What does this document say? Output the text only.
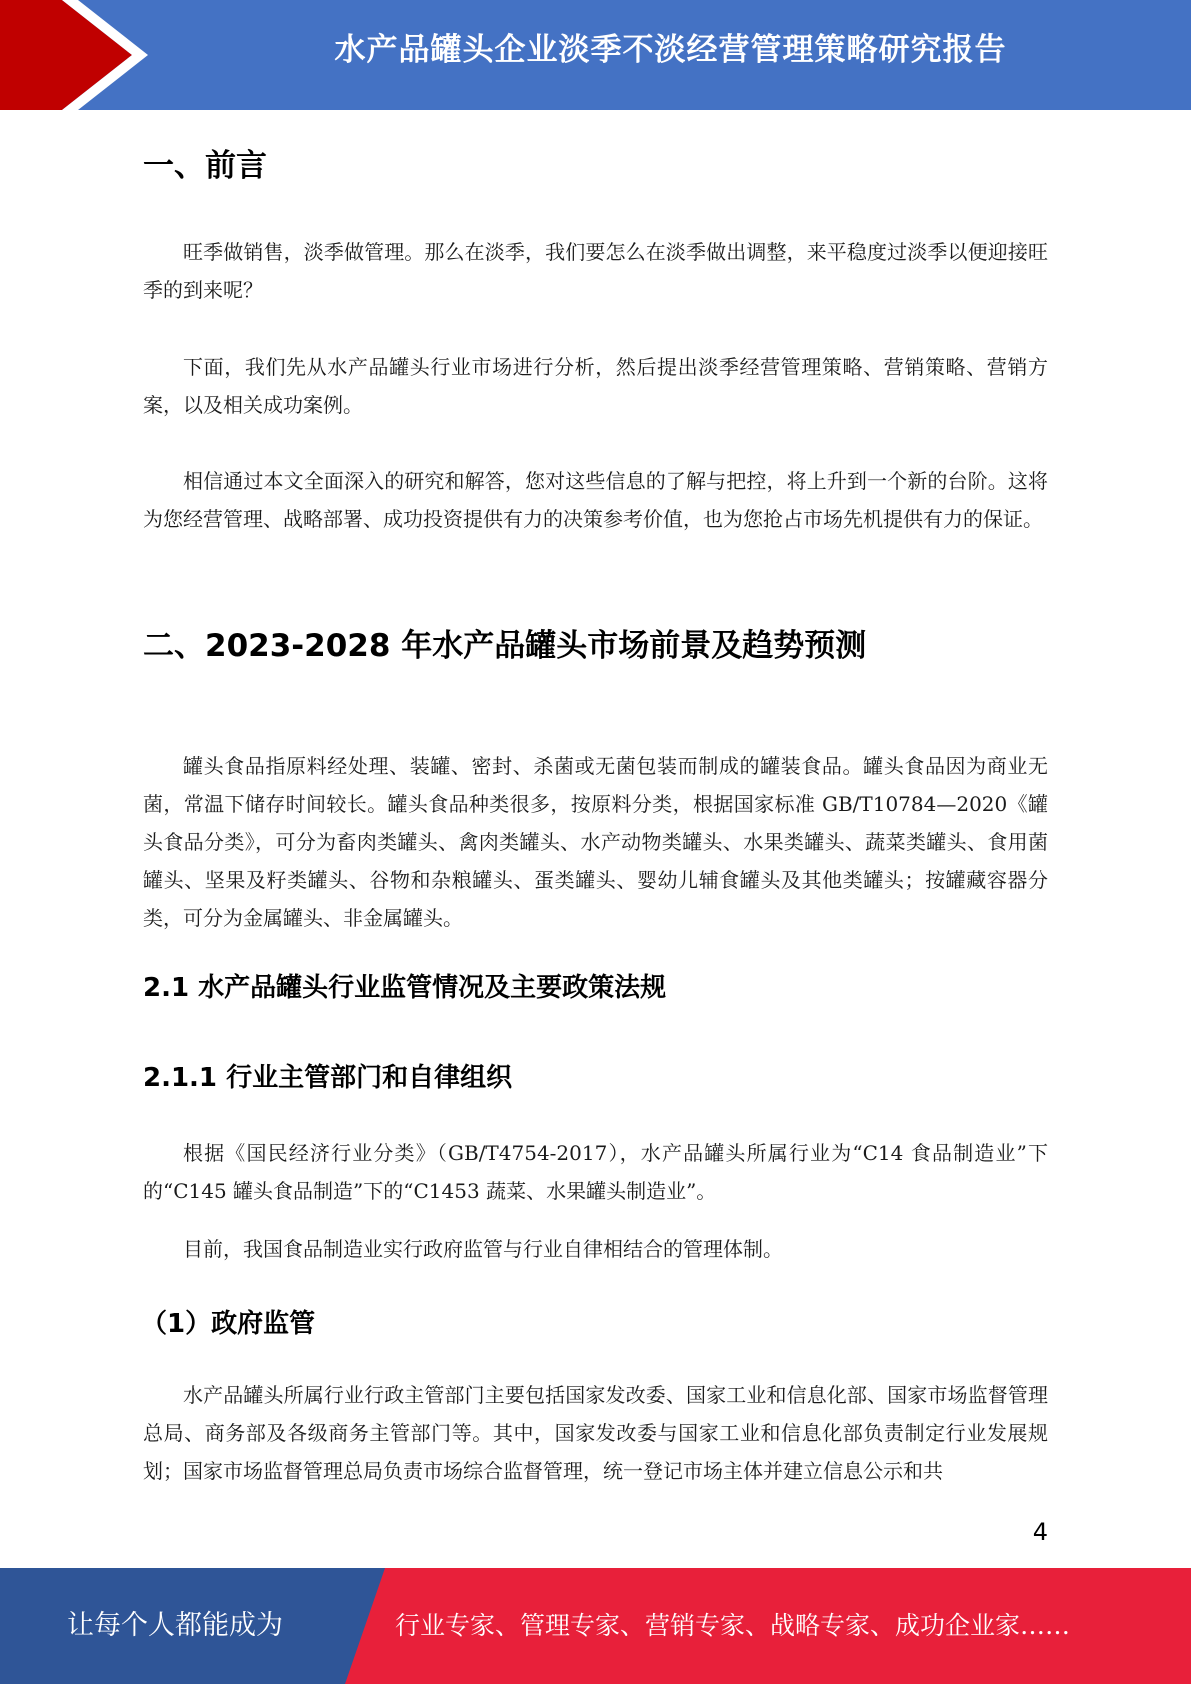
水产品罐头企业淡季不淡经营管理策略研究报告
一、前言

旺季做销售，淡季做管理。那么在淡季，我们要怎么在淡季做出调整，来平稳度过淡季以便迎接旺季的到来呢？

下面，我们先从水产品罐头行业市场进行分析，然后提出淡季经营管理策略、营销策略、营销方案，以及相关成功案例。

相信通过本文全面深入的研究和解答，您对这些信息的了解与把控，将上升到一个新的台阶。这将为您经营管理、战略部署、成功投资提供有力的决策参考价值，也为您抢占市场先机提供有力的保证。

二、2023-2028 年水产品罐头市场前景及趋势预测

罐头食品指原料经处理、装罐、密封、杀菌或无菌包装而制成的罐装食品。罐头食品因为商业无菌，常温下储存时间较长。罐头食品种类很多，按原料分类，根据国家标准 GB/T10784—2020《罐头食品分类》，可分为畜肉类罐头、禽肉类罐头、水产动物类罐头、水果类罐头、蔬菜类罐头、食用菌罐头、坚果及籽类罐头、谷物和杂粮罐头、蛋类罐头、婴幼儿辅食罐头及其他类罐头；按罐藏容器分类，可分为金属罐头、非金属罐头。

2.1 水产品罐头行业监管情况及主要政策法规
2.1.1 行业主管部门和自律组织

根据《国民经济行业分类》（GB/T4754-2017），水产品罐头所属行业为“C14 食品制造业”下的“C145 罐头食品制造”下的“C1453 蔬菜、水果罐头制造业”。

目前，我国食品制造业实行政府监管与行业自律相结合的管理体制。

（1）政府监管

水产品罐头所属行业行政主管部门主要包括国家发改委、国家工业和信息化部、国家市场监督管理总局、商务部及各级商务主管部门等。其中，国家发改委与国家工业和信息化部负责制定行业发展规划；国家市场监督管理总局负责市场综合监督管理，统一登记市场主体并建立信息公示和共

4
让每个人都能成为	行业专家、管理专家、营销专家、战略专家、成功企业家……
